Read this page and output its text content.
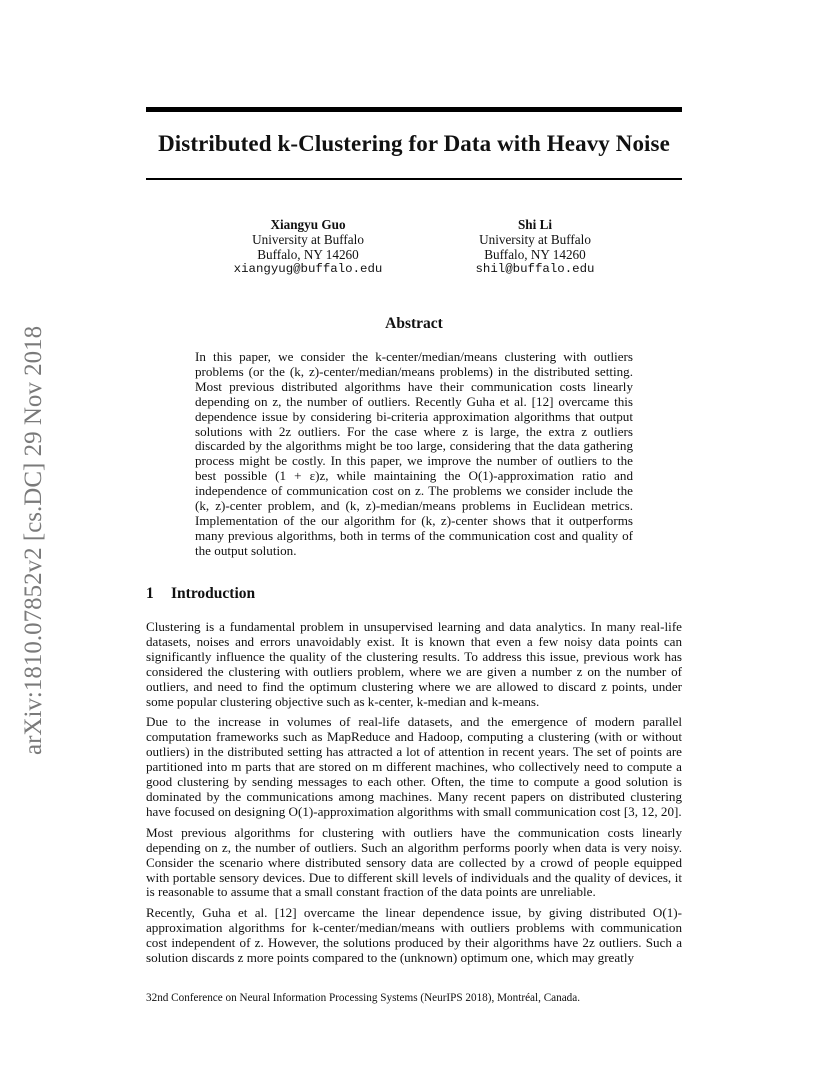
arXiv:1810.07852v2 [cs.DC] 29 Nov 2018
Distributed k-Clustering for Data with Heavy Noise
Xiangyu Guo
University at Buffalo
Buffalo, NY 14260
xiangyug@buffalo.edu
Shi Li
University at Buffalo
Buffalo, NY 14260
shil@buffalo.edu
Abstract
In this paper, we consider the k-center/median/means clustering with outliers problems (or the (k, z)-center/median/means problems) in the distributed setting. Most previous distributed algorithms have their communication costs linearly depending on z, the number of outliers. Recently Guha et al. [12] overcame this dependence issue by considering bi-criteria approximation algorithms that output solutions with 2z outliers. For the case where z is large, the extra z outliers discarded by the algorithms might be too large, considering that the data gathering process might be costly. In this paper, we improve the number of outliers to the best possible (1 + ε)z, while maintaining the O(1)-approximation ratio and independence of communication cost on z. The problems we consider include the (k, z)-center problem, and (k, z)-median/means problems in Euclidean metrics. Implementation of the our algorithm for (k, z)-center shows that it outperforms many previous algorithms, both in terms of the communication cost and quality of the output solution.
1 Introduction

Clustering is a fundamental problem in unsupervised learning and data analytics. In many real-life datasets, noises and errors unavoidably exist. It is known that even a few noisy data points can significantly influence the quality of the clustering results. To address this issue, previous work has considered the clustering with outliers problem, where we are given a number z on the number of outliers, and need to find the optimum clustering where we are allowed to discard z points, under some popular clustering objective such as k-center, k-median and k-means.

Due to the increase in volumes of real-life datasets, and the emergence of modern parallel computation frameworks such as MapReduce and Hadoop, computing a clustering (with or without outliers) in the distributed setting has attracted a lot of attention in recent years. The set of points are partitioned into m parts that are stored on m different machines, who collectively need to compute a good clustering by sending messages to each other. Often, the time to compute a good solution is dominated by the communications among machines. Many recent papers on distributed clustering have focused on designing O(1)-approximation algorithms with small communication cost [3, 12, 20].

Most previous algorithms for clustering with outliers have the communication costs linearly depending on z, the number of outliers. Such an algorithm performs poorly when data is very noisy. Consider the scenario where distributed sensory data are collected by a crowd of people equipped with portable sensory devices. Due to different skill levels of individuals and the quality of devices, it is reasonable to assume that a small constant fraction of the data points are unreliable.

Recently, Guha et al. [12] overcame the linear dependence issue, by giving distributed O(1)-approximation algorithms for k-center/median/means with outliers problems with communication cost independent of z. However, the solutions produced by their algorithms have 2z outliers. Such a solution discards z more points compared to the (unknown) optimum one, which may greatly

32nd Conference on Neural Information Processing Systems (NeurIPS 2018), Montréal, Canada.
